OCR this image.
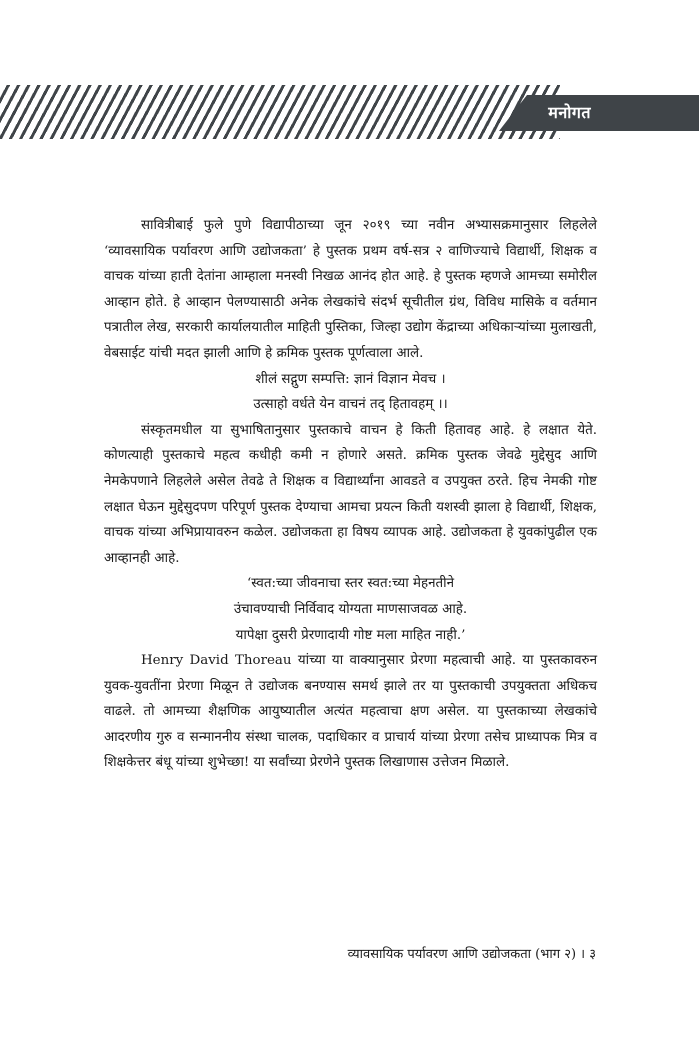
मनोगत

सावित्रीबाई फुले पुणे विद्यापीठाच्या जून २०१९ च्या नवीन अभ्यासक्रमानुसार लिहलेले ‘व्यावसायिक पर्यावरण आणि उद्योजकता’ हे पुस्तक प्रथम वर्ष-सत्र २ वाणिज्याचे विद्यार्थी, शिक्षक व वाचक यांच्या हाती देतांना आम्हाला मनस्वी निखळ आनंद होत आहे. हे पुस्तक म्हणजे आमच्या समोरील आव्हान होते. हे आव्हान पेलण्यासाठी अनेक लेखकांचे संदर्भ सूचीतील ग्रंथ, विविध मासिके व वर्तमान पत्रातील लेख, सरकारी कार्यालयातील माहिती पुस्तिका, जिल्हा उद्योग केंद्राच्या अधिकाऱ्यांच्या मुलाखती, वेबसाईट यांची मदत झाली आणि हे क्रमिक पुस्तक पूर्णत्वाला आले.

शीलं सद्गुण सम्पत्ति: ज्ञानं विज्ञान मेवच ।

उत्साहो वर्धते येन वाचनं तद् हितावहम् ।।

संस्कृतमधील या सुभाषितानुसार पुस्तकाचे वाचन हे किती हितावह आहे. हे लक्षात येते. कोणत्याही पुस्तकाचे महत्व कधीही कमी न होणारे असते. क्रमिक पुस्तक जेवढे मुद्देसुद आणि नेमकेपणाने लिहलेले असेल तेवढे ते शिक्षक व विद्यार्थ्यांना आवडते व उपयुक्त ठरते. हिच नेमकी गोष्ट लक्षात घेऊन मुद्देसुदपण परिपूर्ण पुस्तक देण्याचा आमचा प्रयत्न किती यशस्वी झाला हे विद्यार्थी, शिक्षक, वाचक यांच्या अभिप्रायावरुन कळेल. उद्योजकता हा विषय व्यापक आहे. उद्योजकता हे युवकांपुढील एक आव्हानही आहे.

‘स्वत:च्या जीवनाचा स्तर स्वत:च्या मेहनतीने

उंचावण्याची निर्विवाद योग्यता माणसाजवळ आहे.

यापेक्षा दुसरी प्रेरणादायी गोष्ट मला माहित नाही.’

Henry David Thoreau यांच्या या वाक्यानुसार प्रेरणा महत्वाची आहे. या पुस्तकावरुन युवक-युवतींना प्रेरणा मिळून ते उद्योजक बनण्यास समर्थ झाले तर या पुस्तकाची उपयुक्तता अधिकच वाढले. तो आमच्या शैक्षणिक आयुष्यातील अत्यंत महत्वाचा क्षण असेल. या पुस्तकाच्या लेखकांचे आदरणीय गुरु व सन्माननीय संस्था चालक, पदाधिकार व प्राचार्य यांच्या प्रेरणा तसेच प्राध्यापक मित्र व शिक्षकेत्तर बंधू यांच्या शुभेच्छा! या सर्वांच्या प्रेरणेने पुस्तक लिखाणास उत्तेजन मिळाले.

व्यावसायिक पर्यावरण आणि उद्योजकता (भाग २) । ३
